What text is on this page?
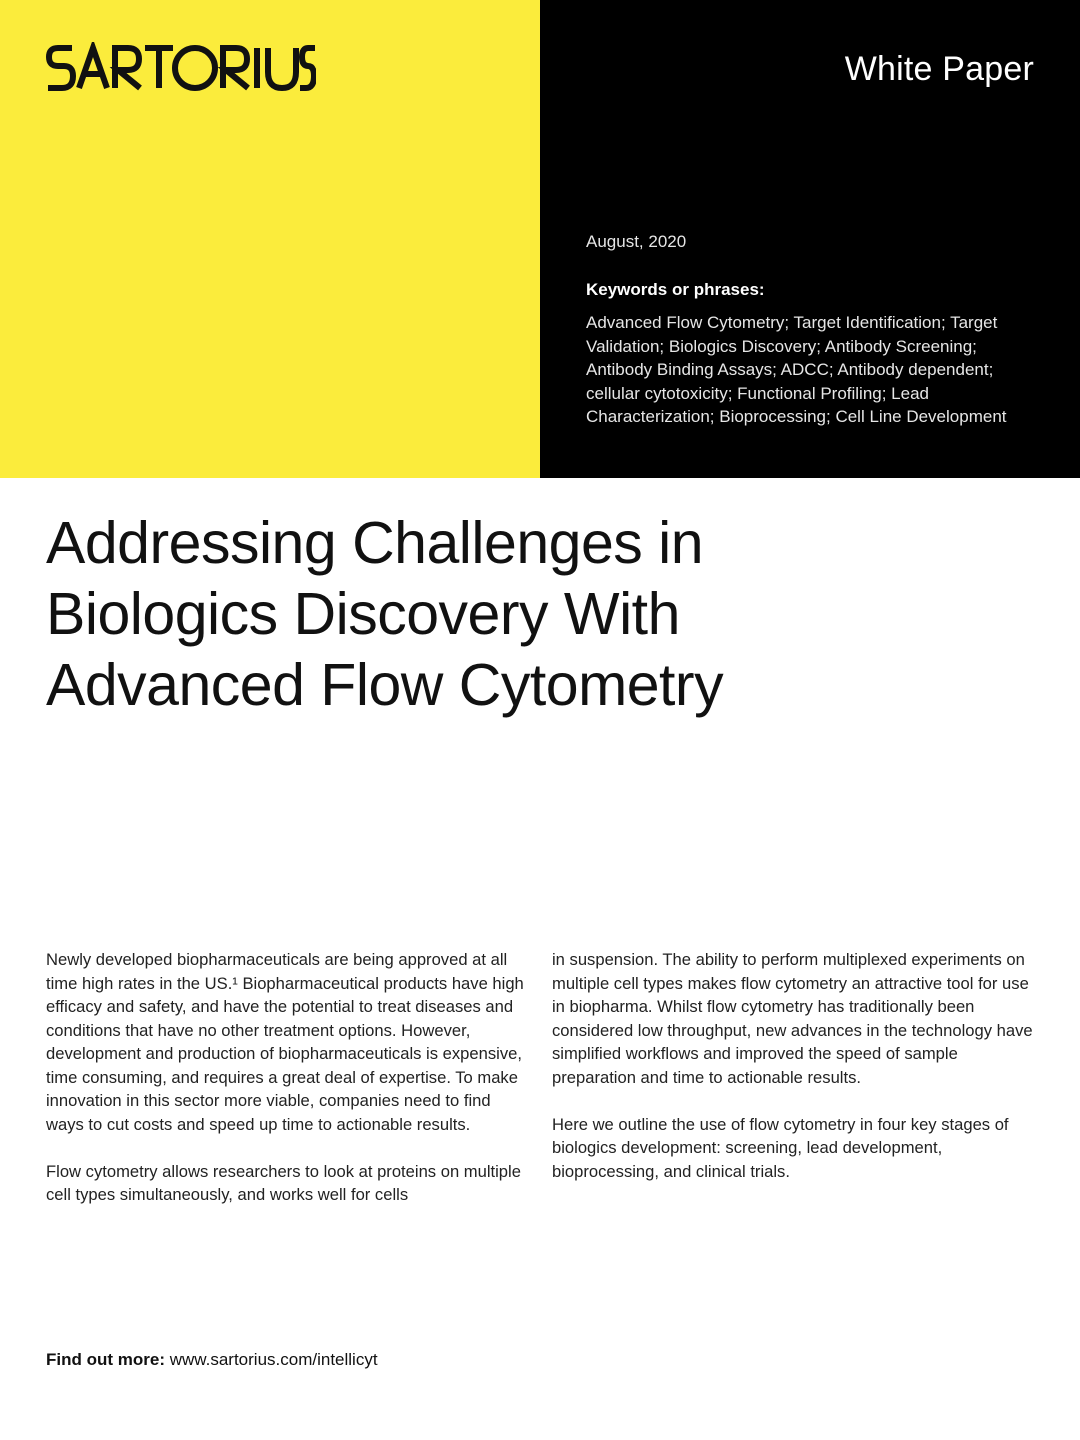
White Paper

August, 2020

Keywords or phrases:

Advanced Flow Cytometry; Target Identification; Target Validation; Biologics Discovery; Antibody Screening; Antibody Binding Assays; ADCC; Antibody dependent; cellular cytotoxicity; Functional Profiling; Lead Characterization; Bioprocessing; Cell Line Development

Addressing Challenges in
Biologics Discovery With
Advanced Flow Cytometry

Newly developed biopharmaceuticals are being approved at all time high rates in the US.¹ Biopharmaceutical products have high efficacy and safety, and have the potential to treat diseases and conditions that have no other treatment options. However, development and production of biopharmaceuticals is expensive, time consuming, and requires a great deal of expertise. To make innovation in this sector more viable, companies need to find ways to cut costs and speed up time to actionable results.

Flow cytometry allows researchers to look at proteins on multiple cell types simultaneously, and works well for cells

in suspension. The ability to perform multiplexed experiments on multiple cell types makes flow cytometry an attractive tool for use in biopharma. Whilst flow cytometry has traditionally been considered low throughput, new advances in the technology have simplified workflows and improved the speed of sample preparation and time to actionable results.

Here we outline the use of flow cytometry in four key stages of biologics development: screening, lead development, bioprocessing, and clinical trials.

Find out more: www.sartorius.com/intellicyt
